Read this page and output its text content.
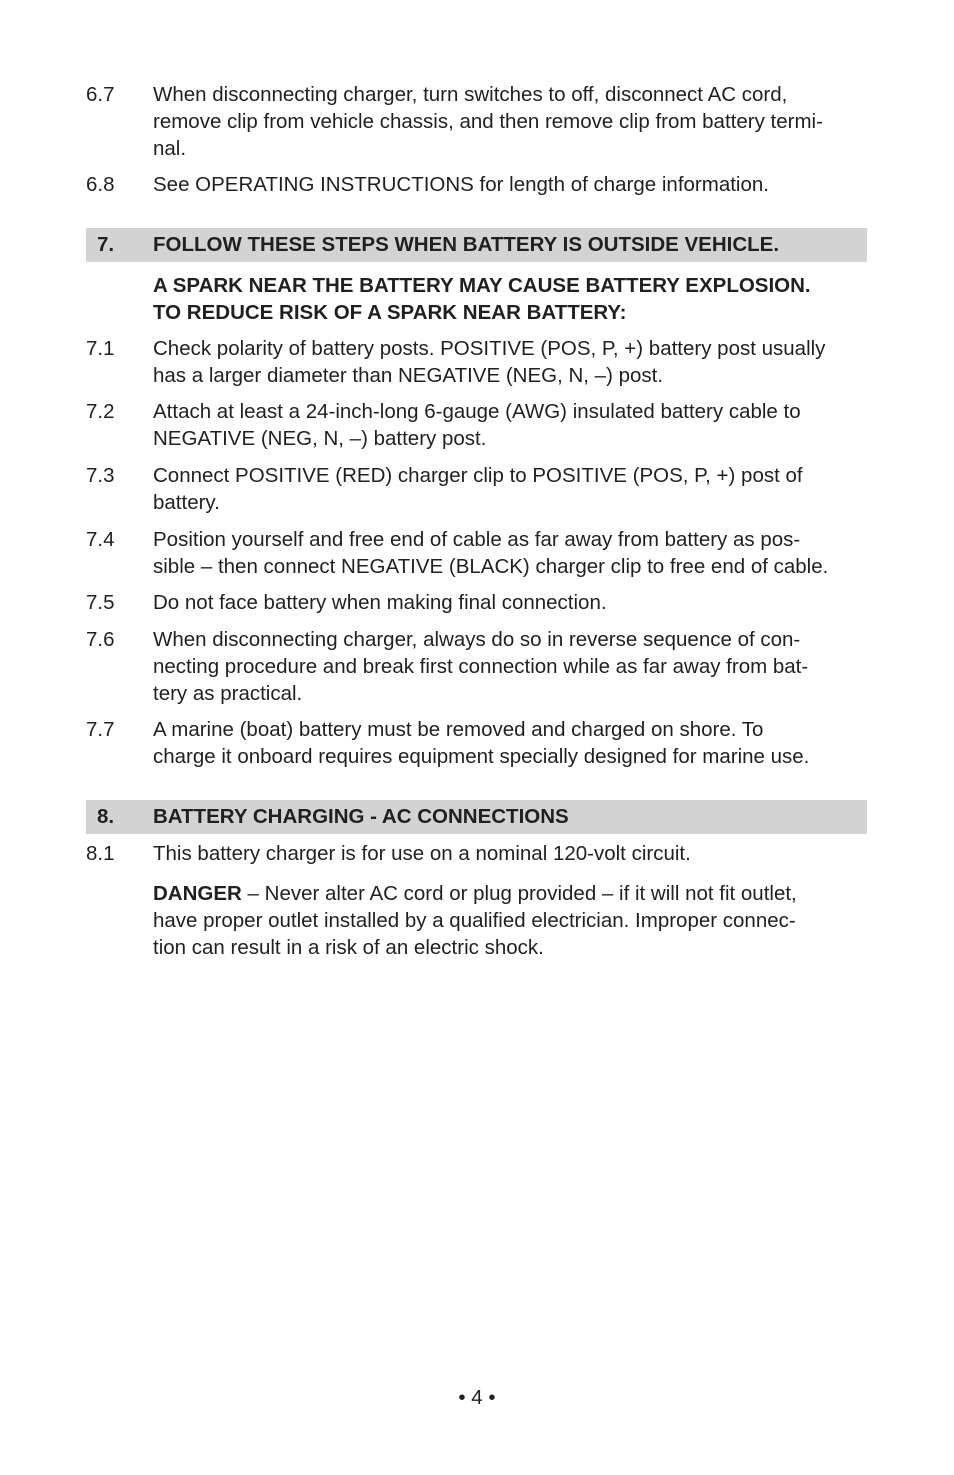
6.7	When disconnecting charger, turn switches to off, disconnect AC cord,
remove clip from vehicle chassis, and then remove clip from battery termi-
nal.
6.8	See OPERATING INSTRUCTIONS for length of charge information.
7. FOLLOW THESE STEPS WHEN BATTERY IS OUTSIDE VEHICLE.
A SPARK NEAR THE BATTERY MAY CAUSE BATTERY EXPLOSION.
TO REDUCE RISK OF A SPARK NEAR BATTERY:
7.1	Check polarity of battery posts. POSITIVE (POS, P, +) battery post usually
has a larger diameter than NEGATIVE (NEG, N, –) post.
7.2	Attach at least a 24-inch-long 6-gauge (AWG) insulated battery cable to
NEGATIVE (NEG, N, –) battery post.
7.3	Connect POSITIVE (RED) charger clip to POSITIVE (POS, P, +) post of
battery.
7.4	Position yourself and free end of cable as far away from battery as pos-
sible – then connect NEGATIVE (BLACK) charger clip to free end of cable.
7.5	Do not face battery when making final connection.
7.6	When disconnecting charger, always do so in reverse sequence of con-
necting procedure and break first connection while as far away from bat-
tery as practical.
7.7	A marine (boat) battery must be removed and charged on shore. To
charge it onboard requires equipment specially designed for marine use.
8. BATTERY CHARGING - AC CONNECTIONS
8.1	This battery charger is for use on a nominal 120-volt circuit.
DANGER – Never alter AC cord or plug provided – if it will not fit outlet,
have proper outlet installed by a qualified electrician. Improper connec-
tion can result in a risk of an electric shock.
• 4 •
